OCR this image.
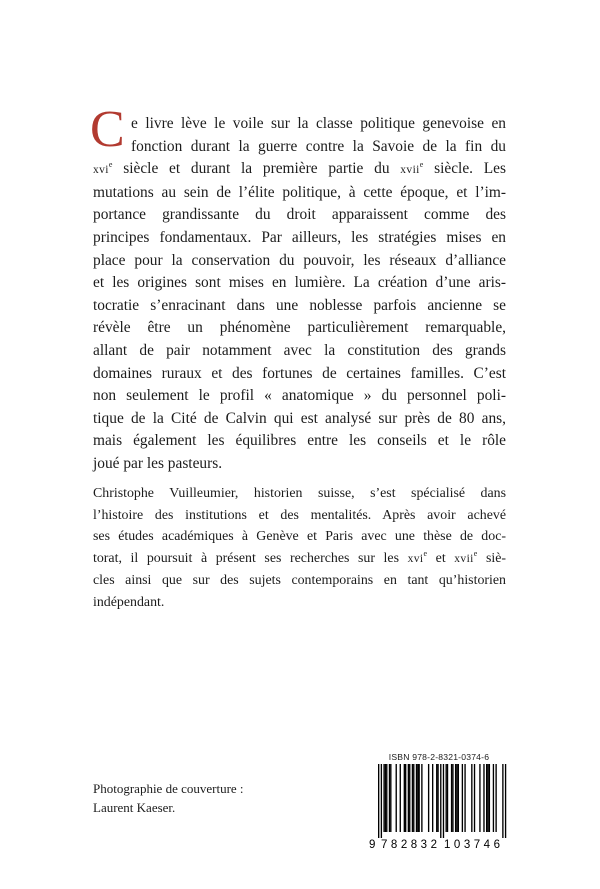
C e livre lève le voile sur la classe politique genevoise en
fonction durant la guerre contre la Savoie de la fin du
xvi$^e$ siècle et durant la première partie du xvii$^e$ siècle. Les
mutations au sein de l’élite politique, à cette époque, et l’im-
portance grandissante du droit apparaissent comme des
principes fondamentaux. Par ailleurs, les stratégies mises en
place pour la conservation du pouvoir, les réseaux d’alliance
et les origines sont mises en lumière. La création d’une aris-
tocratie s’enracinant dans une noblesse parfois ancienne se
révèle être un phénomène particulièrement remarquable,
allant de pair notamment avec la constitution des grands
domaines ruraux et des fortunes de certaines familles. C’est
non seulement le profil « anatomique » du personnel poli-
tique de la Cité de Calvin qui est analysé sur près de 80 ans,
mais également les équilibres entre les conseils et le rôle
joué par les pasteurs.
Christophe Vuilleumier, historien suisse, s’est spécialisé dans
l’histoire des institutions et des mentalités. Après avoir achevé
ses études académiques à Genève et Paris avec une thèse de doc-
torat, il poursuit à présent ses recherches sur les xvi$^e$ et xvii$^e$ siè-
cles ainsi que sur des sujets contemporains en tant qu’historien
indépendant.
Photographie de couverture :
Laurent Kaeser.
ISBN 978-2-8321-0374-6
9 782832 103746
